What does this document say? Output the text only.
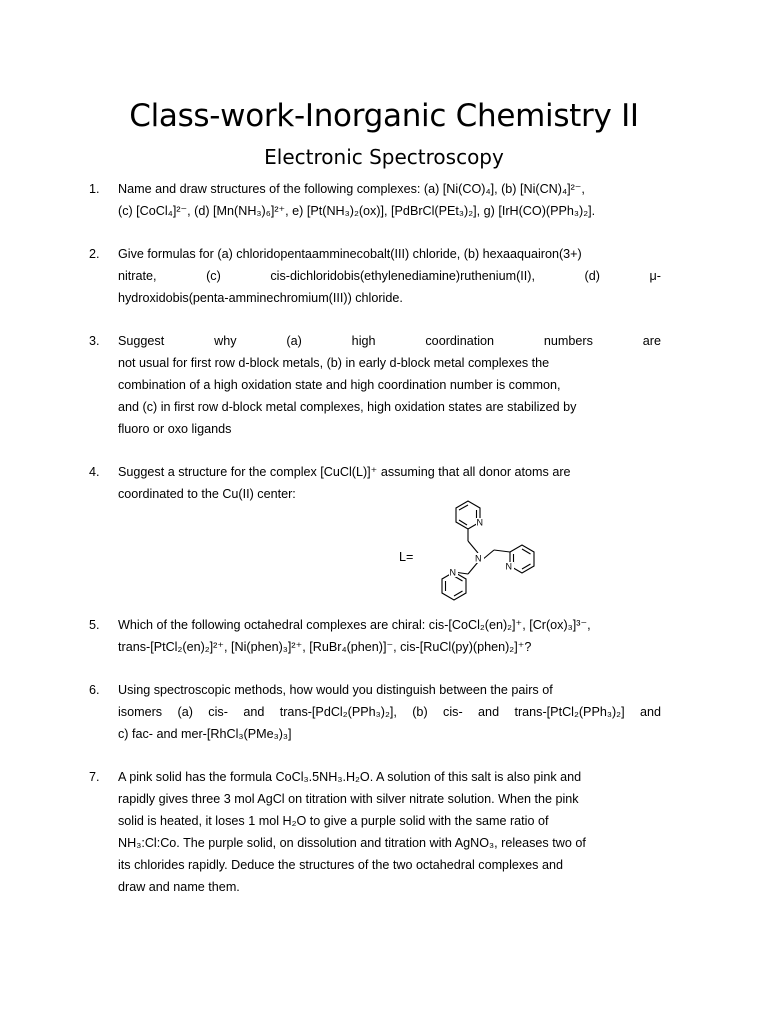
Class-work-Inorganic Chemistry II
Electronic Spectroscopy
1. Name and draw structures of the following complexes: (a) [Ni(CO)₄], (b) [Ni(CN)₄]²⁻,
(c) [CoCl₄]²⁻, (d) [Mn(NH₃)₆]²⁺, e) [Pt(NH₃)₂(ox)], [PdBrCl(PEt₃)₂], g) [IrH(CO)(PPh₃)₂].
2. Give formulas for (a) chloridopentaamminecobalt(III) chloride, (b) hexaaquairon(3+)
nitrate, (c) cis-dichloridobis(ethylenediamine)ruthenium(II), (d) μ-
hydroxidobis(penta-amminechromium(III)) chloride.
3. Suggest why (a) high coordination numbers are
not usual for first row d-block metals, (b) in early d-block metal complexes the
combination of a high oxidation state and high coordination number is common,
and (c) in first row d-block metal complexes, high oxidation states are stabilized by
fluoro or oxo ligands
4. Suggest a structure for the complex [CuCl(L)]⁺ assuming that all donor atoms are
coordinated to the Cu(II) center:
L=	N
N
N
N
5. Which of the following octahedral complexes are chiral: cis-[CoCl₂(en)₂]⁺, [Cr(ox)₃]³⁻,
trans-[PtCl₂(en)₂]²⁺, [Ni(phen)₃]²⁺, [RuBr₄(phen)]⁻, cis-[RuCl(py)(phen)₂]⁺?
6. Using spectroscopic methods, how would you distinguish between the pairs of
isomers (a) cis- and trans-[PdCl₂(PPh₃)₂], (b) cis- and trans-[PtCl₂(PPh₃)₂] and
c) fac- and mer-[RhCl₃(PMe₃)₃]
7. A pink solid has the formula CoCl₃.5NH₃.H₂O. A solution of this salt is also pink and
rapidly gives three 3 mol AgCl on titration with silver nitrate solution. When the pink
solid is heated, it loses 1 mol H₂O to give a purple solid with the same ratio of
NH₃:Cl:Co. The purple solid, on dissolution and titration with AgNO₃, releases two of
its chlorides rapidly. Deduce the structures of the two octahedral complexes and
draw and name them.
